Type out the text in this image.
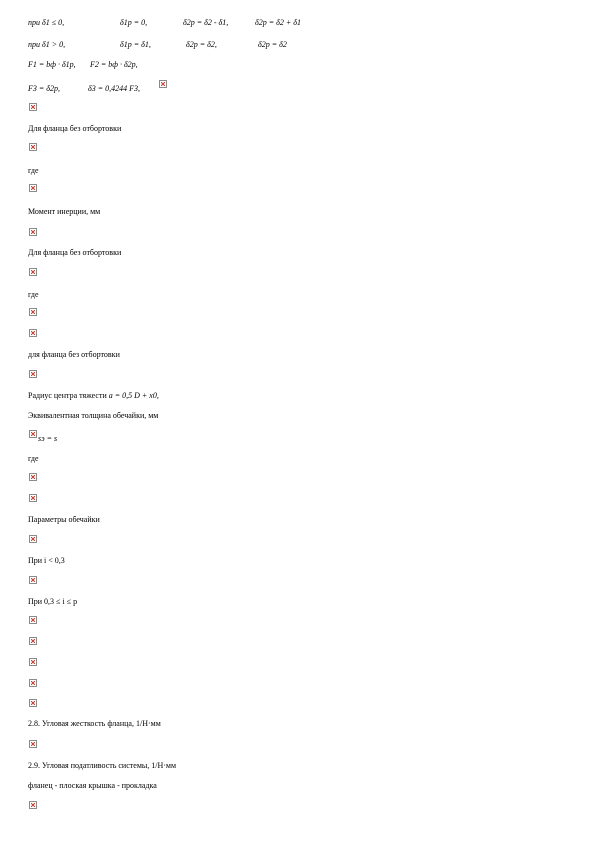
при δ1 ≤ 0,	δ1р = 0,	δ2р = δ2 - δ1,	δ2р = δ2 + δ1
при δ1 > 0,	δ1р = δ1,	δ2р = δ2,	δ2р = δ2
F1 = bф · δ1р, F2 = bф · δ2р,
F3 = δ2р,	δ3 = 0,4244 F3,
Для фланца без отбортовки
где
Момент инерции, мм
Для фланца без отбортовки
где
для фланца без отбортовки
Радиус центра тяжести a = 0,5 D + x0,
Эквивалентная толщина обечайки, мм
sэ = s
где
Параметры обечайки
При i < 0,3
При 0,3 ≤ i ≤ p
2.8. Угловая жесткость фланца, 1/Н·мм
2.9. Угловая податливость системы, 1/Н·мм
фланец - плоская крышка - прокладка
